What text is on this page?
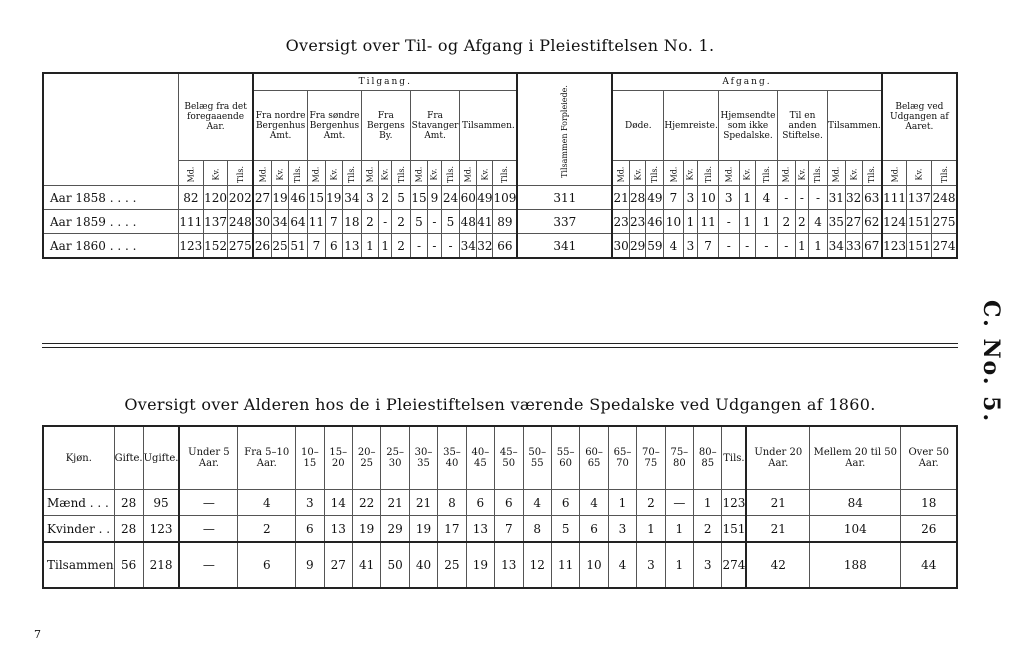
Oversigt over Til- og Afgang i Pleiestiftelsen No. 1.
	Belæg fra det foregaaende Aar.			Tilgang.															Tilsammen Forpleiede.	Afgang.															Belæg ved Udgangen af Aaret.		
				Fra nordre Bergenhus Amt.			Fra søndre Bergenhus Amt.			Fra Bergens By.			Fra Stavanger Amt.			Tilsammen.				Døde.			Hjemreiste.			Hjemsendte som ikke Spedalske.			Til en anden Stiftelse.			Tilsammen.					
	Md.	Kv.	Tils.	Md.	Kv.	Tils.	Md.	Kv.	Tils.	Md.	Kv.	Tils.	Md.	Kv.	Tils.	Md.	Kv.	Tils.		Md.	Kv.	Tils.	Md.	Kv.	Tils.	Md.	Kv.	Tils.	Md.	Kv.	Tils.	Md.	Kv.	Tils.	Md.	Kv.	Tils.
Aar 1858 . . . .	82	120	202	27	19	46	15	19	34	3	2	5	15	9	24	60	49	109	311	21	28	49	7	3	10	3	1	4	-	-	-	31	32	63	111	137	248
Aar 1859 . . . .	111	137	248	30	34	64	11	7	18	2	-	2	5	-	5	48	41	89	337	23	23	46	10	1	11	-	1	1	2	2	4	35	27	62	124	151	275
Aar 1860 . . . .	123	152	275	26	25	51	7	6	13	1	1	2	-	-	-	34	32	66	341	30	29	59	4	3	7	-	-	-	-	1	1	34	33	67	123	151	274
C. No. 5.
Oversigt over Alderen hos de i Pleiestiftelsen værende Spedalske ved Udgangen af 1860.
Kjøn.	Gifte.	Ugifte.	Under 5 Aar.	Fra 5–10 Aar.	10–15	15–20	20–25	25–30	30–35	35–40	40–45	45–50	50–55	55–60	60–65	65–70	70–75	75–80	80–85	Tils.	Under 20 Aar.	Mellem 20 til 50 Aar.	Over 50 Aar.
Mænd . . .	28	95	—	4	3	14	22	21	21	8	6	6	4	6	4	1	2	—	1	123	21	84	18
Kvinder . .	28	123	—	2	6	13	19	29	19	17	13	7	8	5	6	3	1	1	2	151	21	104	26
Tilsammen	56	218	—	6	9	27	41	50	40	25	19	13	12	11	10	4	3	1	3	274	42	188	44
7
